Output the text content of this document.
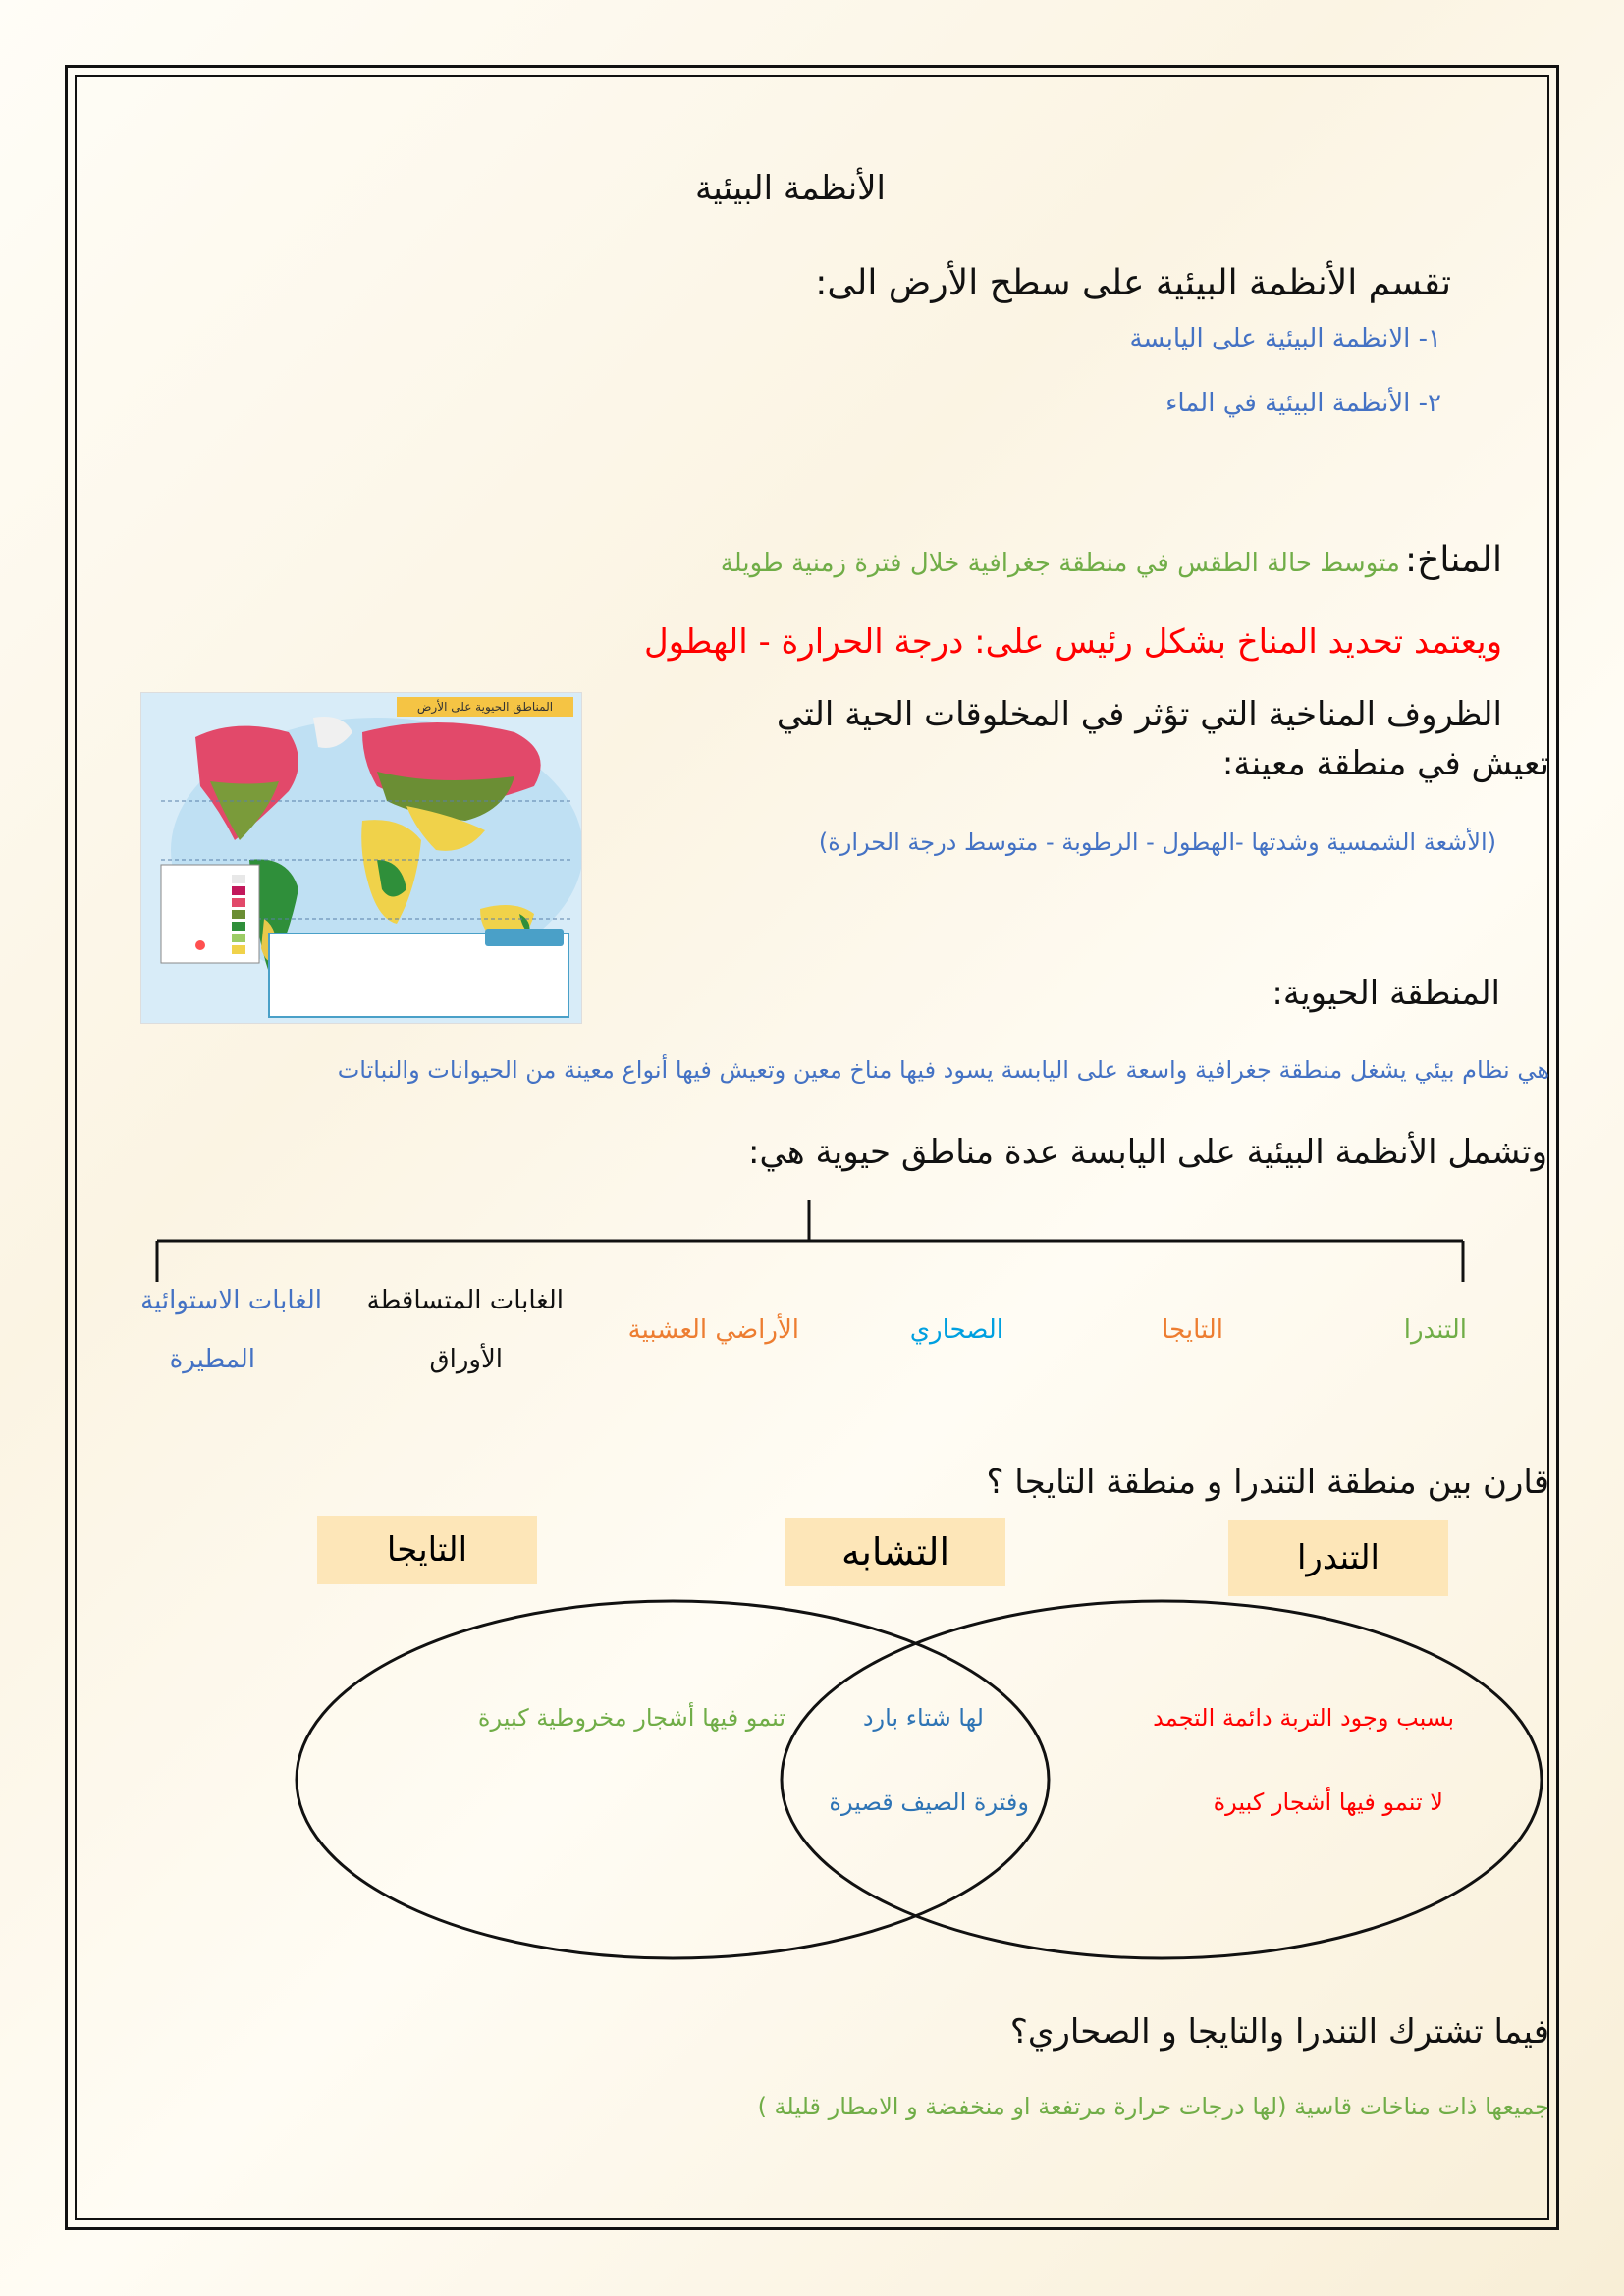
الأنظمة البيئية
تقسم الأنظمة البيئية على سطح الأرض الى:
١- الانظمة البيئية على اليابسة
٢- الأنظمة البيئية في الماء
المناخ: متوسط حالة الطقس في منطقة جغرافية خلال فترة زمنية طويلة
ويعتمد تحديد المناخ بشكل رئيس على: درجة الحرارة - الهطول
الظروف المناخية التي تؤثر في المخلوقات الحية التي
تعيش في منطقة معينة:
(الأشعة الشمسية وشدتها -الهطول - الرطوبة - متوسط درجة الحرارة)
المناطق الحيوية على الأرض
المنطقة الحيوية:
هي نظام بيئي يشغل منطقة جغرافية واسعة على اليابسة يسود فيها مناخ معين وتعيش فيها أنواع معينة من الحيوانات والنباتات
وتشمل الأنظمة البيئية على اليابسة عدة مناطق حيوية هي:
التندرا
التايجا
الصحاري
الأراضي العشبية
الغابات المتساقطة
الأوراق
الغابات الاستوائية
المطيرة
قارن بين منطقة التندرا و منطقة التايجا ؟
التندرا
التشابه
التايجا
بسبب وجود التربة دائمة التجمد
لا تنمو فيها أشجار كبيرة
لها شتاء بارد
وفترة الصيف قصيرة
تنمو فيها أشجار مخروطية كبيرة
فيما تشترك التندرا والتايجا و الصحاري؟
جميعها ذات مناخات قاسية (لها درجات حرارة مرتفعة او منخفضة و الامطار قليلة )
